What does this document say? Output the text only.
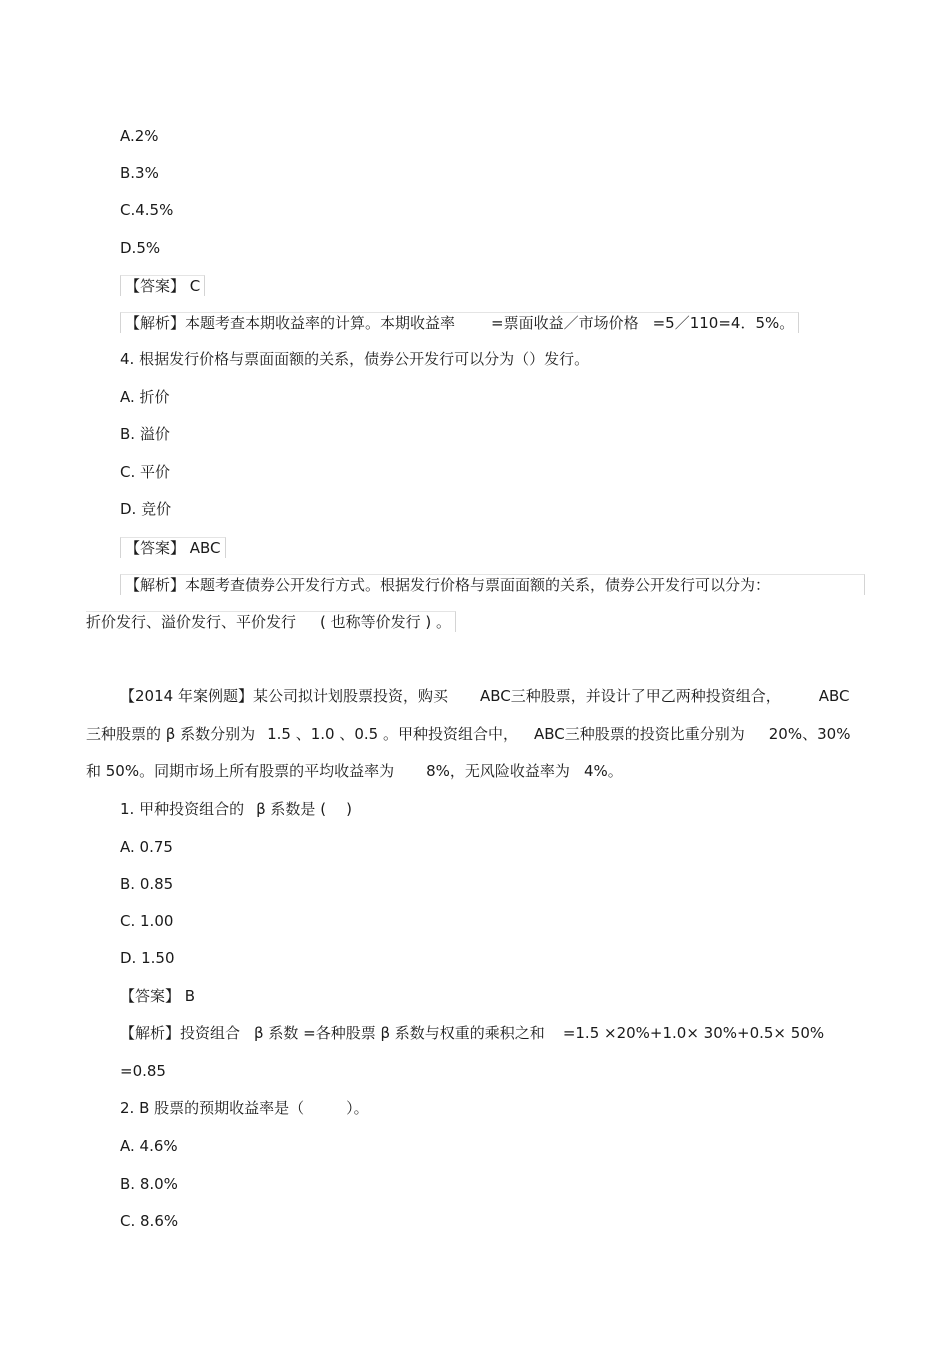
A.2%
B.3%
C.4.5%
D.5%
【答案】 C
【解析】本题考查本期收益率的计算。本期收益率 =票面收益／市场价格 =5／110=4．5%。
4. 根据发行价格与票面面额的关系，债券公开发行可以分为（）发行。
A. 折价
B. 溢价
C. 平价
D. 竞价
【答案】 ABC
【解析】本题考查债券公开发行方式。根据发行价格与票面面额的关系，债券公开发行可以分为：
折价发行、溢价发行、平价发行 ( 也称等价发行 ) 。
【2014 年案例题】某公司拟计划股票投资，购买 ABC三种股票，并设计了甲乙两种投资组合，	ABC
三种股票的 β 系数分别为 1.5 、1.0 、0.5 。甲种投资组合中， ABC三种股票的投资比重分别为 20%、30%
和 50%。同期市场上所有股票的平均收益率为 8%，无风险收益率为 4%。
1. 甲种投资组合的 β 系数是 ( )
A. 0.75
B. 0.85
C. 1.00
D. 1.50
【答案】 B
【解析】投资组合 β 系数 =各种股票 β 系数与权重的乘积之和 =1.5 ×20%+1.0× 30%+0.5× 50%
=0.85
2. B 股票的预期收益率是（	）。
A. 4.6%
B. 8.0%
C. 8.6%
